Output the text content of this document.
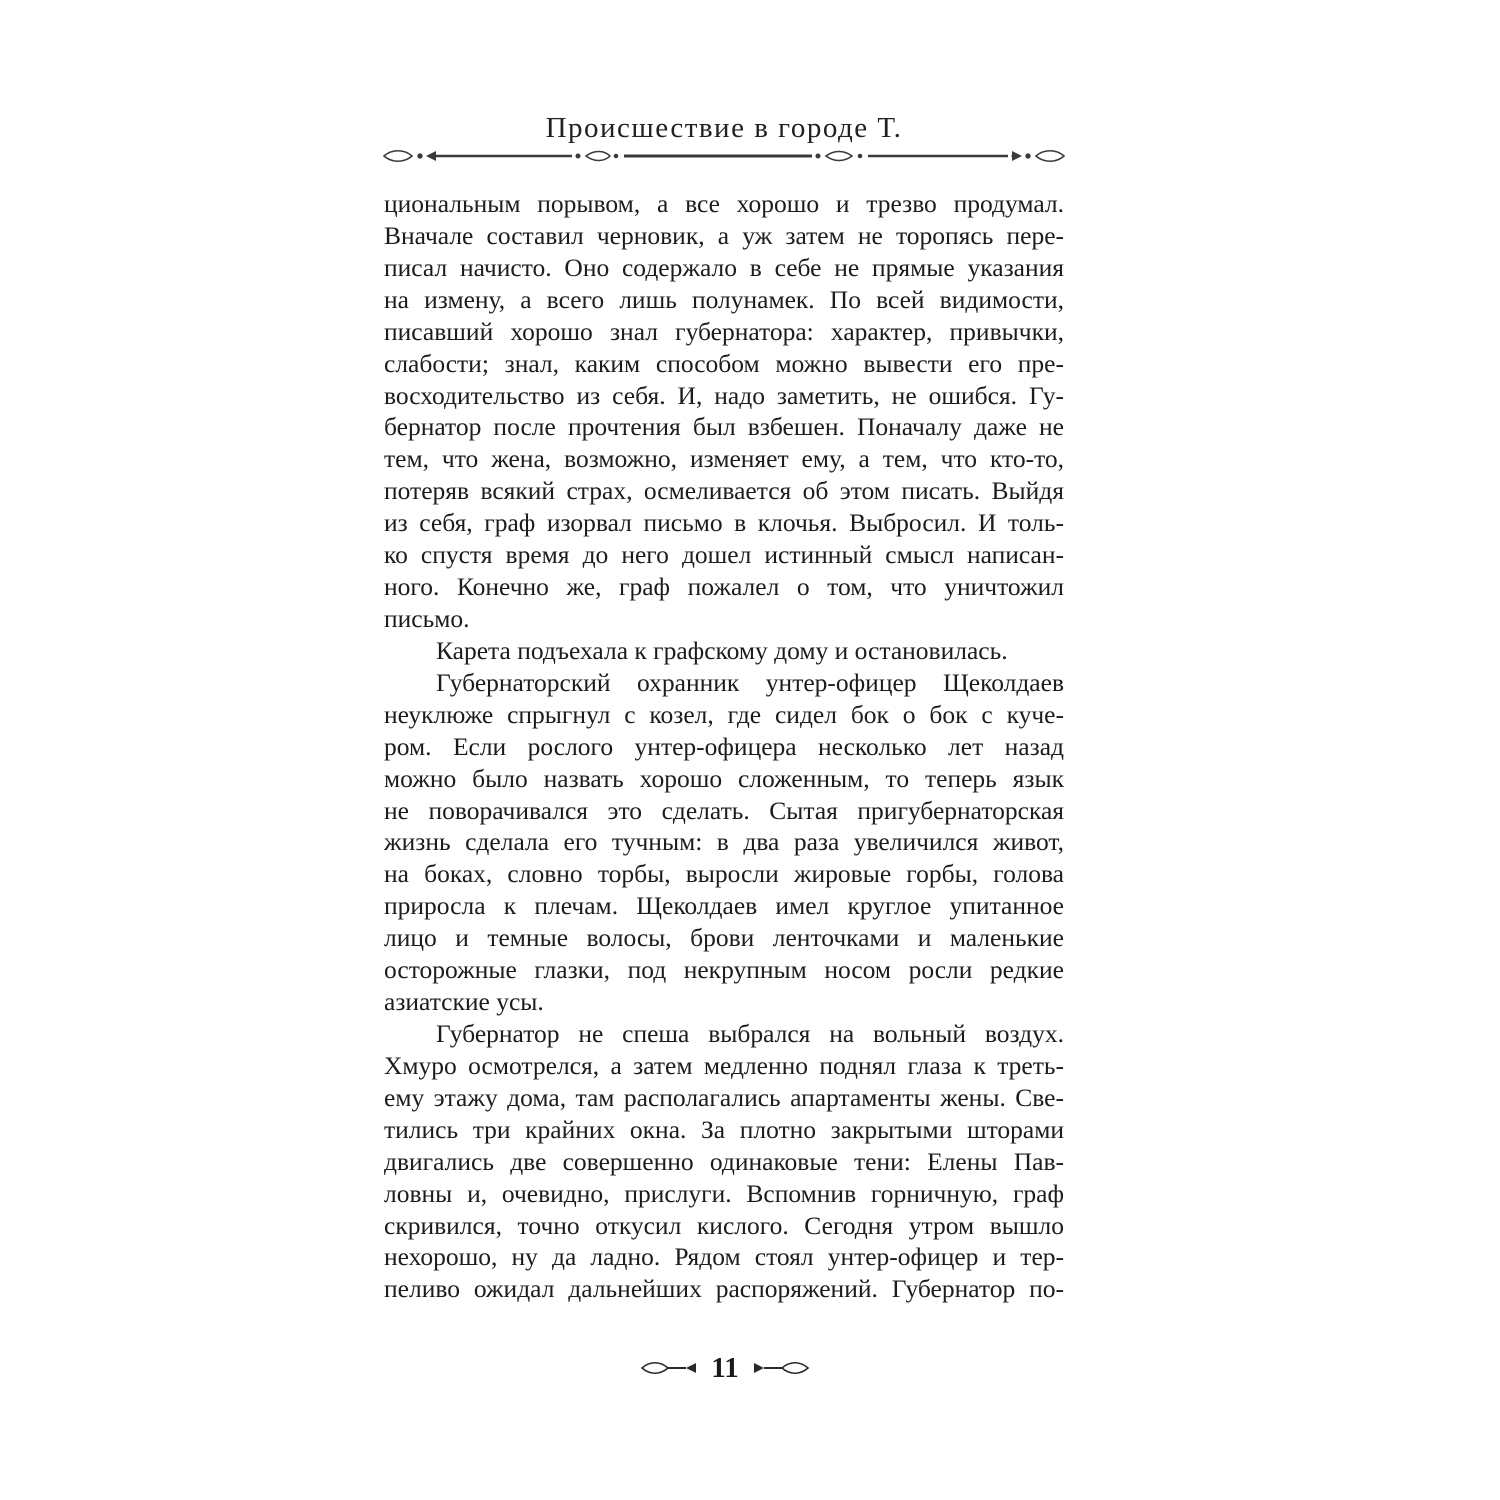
Происшествие в городе Т.
циональным порывом, а все хорошо и трезво продумал.
Вначале составил черновик, а уж затем не торопясь пере-
писал начисто. Оно содержало в себе не прямые указания
на измену, а всего лишь полунамек. По всей видимости,
писавший хорошо знал губернатора: характер, привычки,
слабости; знал, каким способом можно вывести его пре-
восходительство из себя. И, надо заметить, не ошибся. Гу-
бернатор после прочтения был взбешен. Поначалу даже не
тем, что жена, возможно, изменяет ему, а тем, что кто-то,
потеряв всякий страх, осмеливается об этом писать. Выйдя
из себя, граф изорвал письмо в клочья. Выбросил. И толь-
ко спустя время до него дошел истинный смысл написан-
ного. Конечно же, граф пожалел о том, что уничтожил
письмо.
Карета подъехала к графскому дому и остановилась.
Губернаторский охранник унтер-офицер Щеколдаев
неуклюже спрыгнул с козел, где сидел бок о бок с куче-
ром. Если рослого унтер-офицера несколько лет назад
можно было назвать хорошо сложенным, то теперь язык
не поворачивался это сделать. Сытая пригубернаторская
жизнь сделала его тучным: в два раза увеличился живот,
на боках, словно торбы, выросли жировые горбы, голова
приросла к плечам. Щеколдаев имел круглое упитанное
лицо и темные волосы, брови ленточками и маленькие
осторожные глазки, под некрупным носом росли редкие
азиатские усы.
Губернатор не спеша выбрался на вольный воздух.
Хмуро осмотрелся, а затем медленно поднял глаза к треть-
ему этажу дома, там располагались апартаменты жены. Све-
тились три крайних окна. За плотно закрытыми шторами
двигались две совершенно одинаковые тени: Елены Пав-
ловны и, очевидно, прислуги. Вспомнив горничную, граф
скривился, точно откусил кислого. Сегодня утром вышло
нехорошо, ну да ладно. Рядом стоял унтер-офицер и тер-
пеливо ожидал дальнейших распоряжений. Губернатор по-
11
